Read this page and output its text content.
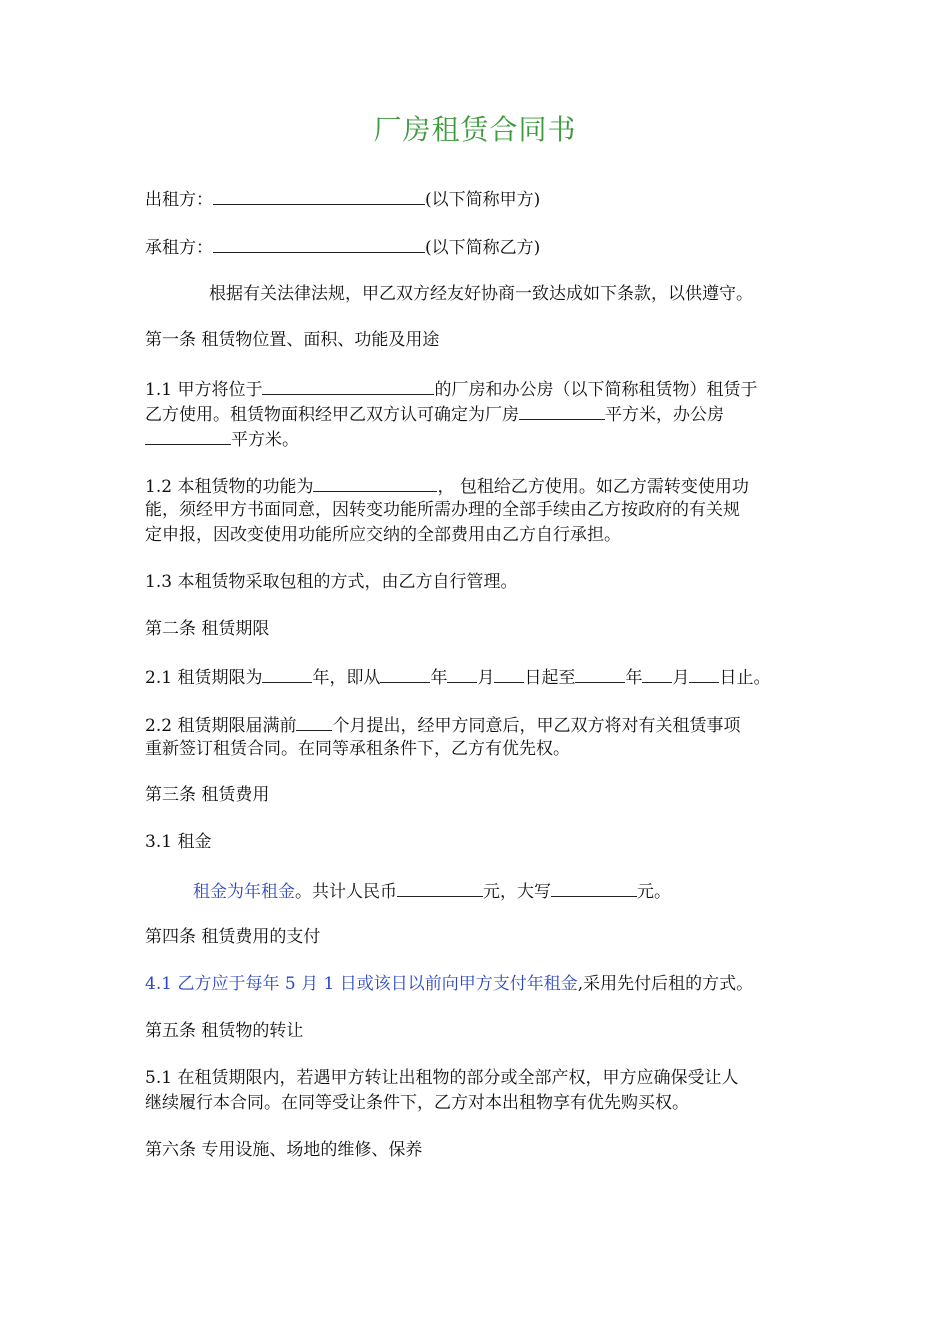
厂房租赁合同书
出租方：	(以下简称甲方)
承租方：	(以下简称乙方)
根据有关法律法规，甲乙双方经友好协商一致达成如下条款，以供遵守。
第一条 租赁物位置、面积、功能及用途
1.1 甲方将位于	的厂房和办公房（以下简称租赁物）租赁于
乙方使用。租赁物面积经甲乙双方认可确定为厂房	平方米，办公房
平方米。
1.2 本租赁物的功能为	， 包租给乙方使用。如乙方需转变使用功
能，须经甲方书面同意，因转变功能所需办理的全部手续由乙方按政府的有关规
定申报，因改变使用功能所应交纳的全部费用由乙方自行承担。
1.3 本租赁物采取包租的方式，由乙方自行管理。
第二条 租赁期限
2.1 租赁期限为	年，即从	年 月 日起至	年 月 日止。
2.2 租赁期限届满前 个月提出，经甲方同意后，甲乙双方将对有关租赁事项
重新签订租赁合同。在同等承租条件下，乙方有优先权。
第三条 租赁费用
3.1 租金
租金为年租金。共计人民币	元，大写	元。
第四条 租赁费用的支付
4.1 乙方应于每年 5 月 1 日或该日以前向甲方支付年租金,采用先付后租的方式。
第五条 租赁物的转让
5.1 在租赁期限内，若遇甲方转让出租物的部分或全部产权，甲方应确保受让人
继续履行本合同。在同等受让条件下，乙方对本出租物享有优先购买权。
第六条 专用设施、场地的维修、保养
